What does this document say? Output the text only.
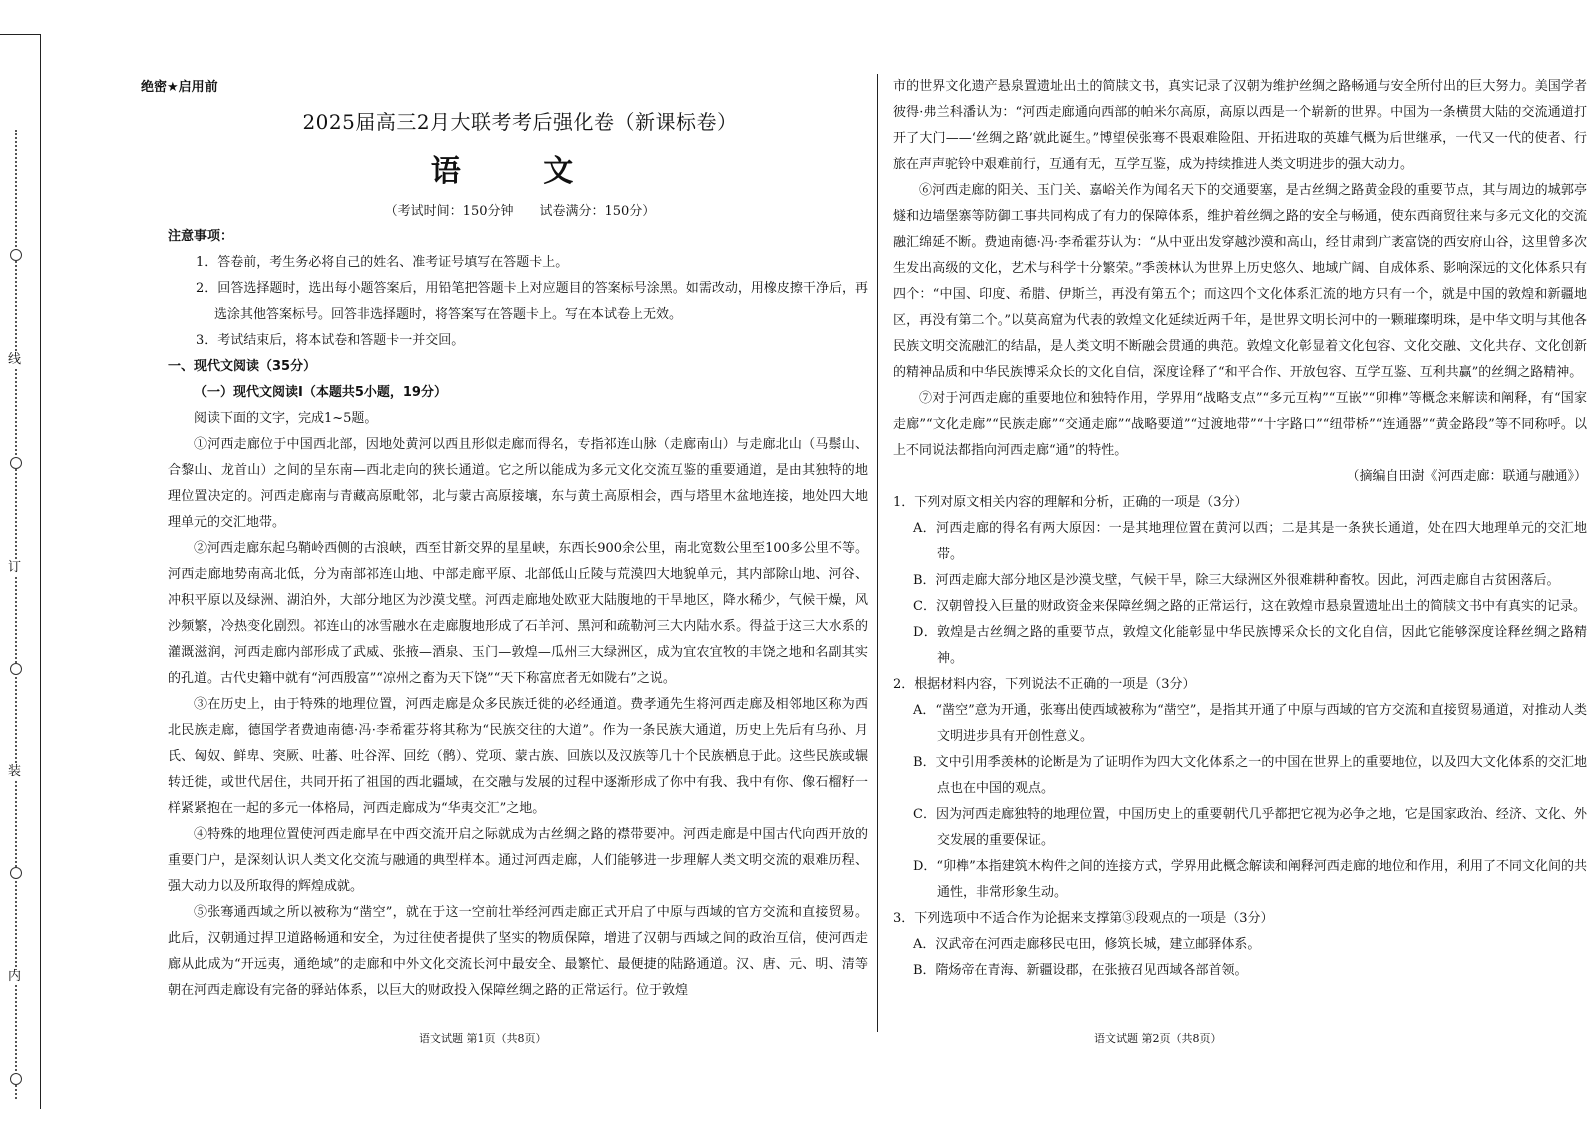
线
订
装
内
绝密★启用前
2025届高三2月大联考考后强化卷（新课标卷）
语 文
（考试时间：150分钟　　试卷满分：150分）

注意事项：

1．答卷前，考生务必将自己的姓名、准考证号填写在答题卡上。

2．回答选择题时，选出每小题答案后，用铅笔把答题卡上对应题目的答案标号涂黑。如需改动，用橡皮擦干净后，再选涂其他答案标号。回答非选择题时，将答案写在答题卡上。写在本试卷上无效。

3．考试结束后，将本试卷和答题卡一并交回。

一、现代文阅读（35分）

（一）现代文阅读Ⅰ（本题共5小题，19分）

阅读下面的文字，完成1~5题。

①河西走廊位于中国西北部，因地处黄河以西且形似走廊而得名，专指祁连山脉（走廊南山）与走廊北山（马鬃山、合黎山、龙首山）之间的呈东南—西北走向的狭长通道。它之所以能成为多元文化交流互鉴的重要通道，是由其独特的地理位置决定的。河西走廊南与青藏高原毗邻，北与蒙古高原接壤，东与黄土高原相会，西与塔里木盆地连接，地处四大地理单元的交汇地带。

②河西走廊东起乌鞘岭西侧的古浪峡，西至甘新交界的星星峡，东西长900余公里，南北宽数公里至100多公里不等。河西走廊地势南高北低，分为南部祁连山地、中部走廊平原、北部低山丘陵与荒漠四大地貌单元，其内部除山地、河谷、冲积平原以及绿洲、湖泊外，大部分地区为沙漠戈壁。河西走廊地处欧亚大陆腹地的干旱地区，降水稀少，气候干燥，风沙频繁，冷热变化剧烈。祁连山的冰雪融水在走廊腹地形成了石羊河、黑河和疏勒河三大内陆水系。得益于这三大水系的灌溉滋润，河西走廊内部形成了武威、张掖—酒泉、玉门—敦煌—瓜州三大绿洲区，成为宜农宜牧的丰饶之地和名副其实的孔道。古代史籍中就有“河西殷富”“凉州之畜为天下饶”“天下称富庶者无如陇右”之说。

③在历史上，由于特殊的地理位置，河西走廊是众多民族迁徙的必经通道。费孝通先生将河西走廊及相邻地区称为西北民族走廊，德国学者费迪南德·冯·李希霍芬将其称为“民族交往的大道”。作为一条民族大通道，历史上先后有乌孙、月氏、匈奴、鲜卑、突厥、吐蕃、吐谷浑、回纥（鹘）、党项、蒙古族、回族以及汉族等几十个民族栖息于此。这些民族或辗转迁徙，或世代居住，共同开拓了祖国的西北疆域，在交融与发展的过程中逐渐形成了你中有我、我中有你、像石榴籽一样紧紧抱在一起的多元一体格局，河西走廊成为“华夷交汇”之地。

④特殊的地理位置使河西走廊早在中西交流开启之际就成为古丝绸之路的襟带要冲。河西走廊是中国古代向西开放的重要门户，是深刻认识人类文化交流与融通的典型样本。通过河西走廊，人们能够进一步理解人类文明交流的艰难历程、强大动力以及所取得的辉煌成就。

⑤张骞通西域之所以被称为“凿空”，就在于这一空前壮举经河西走廊正式开启了中原与西域的官方交流和直接贸易。此后，汉朝通过捍卫道路畅通和安全，为过往使者提供了坚实的物质保障，增进了汉朝与西域之间的政治互信，使河西走廊从此成为“开远夷，通绝域”的走廊和中外文化交流长河中最安全、最繁忙、最便捷的陆路通道。汉、唐、元、明、清等朝在河西走廊设有完备的驿站体系，以巨大的财政投入保障丝绸之路的正常运行。位于敦煌

市的世界文化遗产悬泉置遗址出土的简牍文书，真实记录了汉朝为维护丝绸之路畅通与安全所付出的巨大努力。美国学者彼得·弗兰科潘认为：“河西走廊通向西部的帕米尔高原，高原以西是一个崭新的世界。中国为一条横贯大陆的交流通道打开了大门——‘丝绸之路’就此诞生。”博望侯张骞不畏艰难险阻、开拓进取的英雄气概为后世继承，一代又一代的使者、行旅在声声驼铃中艰难前行，互通有无，互学互鉴，成为持续推进人类文明进步的强大动力。

⑥河西走廊的阳关、玉门关、嘉峪关作为闻名天下的交通要塞，是古丝绸之路黄金段的重要节点，其与周边的城郭亭燧和边墙堡寨等防御工事共同构成了有力的保障体系，维护着丝绸之路的安全与畅通，使东西商贸往来与多元文化的交流融汇绵延不断。费迪南德·冯·李希霍芬认为：“从中亚出发穿越沙漠和高山，经甘肃到广袤富饶的西安府山谷，这里曾多次生发出高级的文化，艺术与科学十分繁荣。”季羡林认为世界上历史悠久、地域广阔、自成体系、影响深远的文化体系只有四个：“中国、印度、希腊、伊斯兰，再没有第五个；而这四个文化体系汇流的地方只有一个，就是中国的敦煌和新疆地区，再没有第二个。”以莫高窟为代表的敦煌文化延续近两千年，是世界文明长河中的一颗璀璨明珠，是中华文明与其他各民族文明交流融汇的结晶，是人类文明不断融会贯通的典范。敦煌文化彰显着文化包容、文化交融、文化共存、文化创新的精神品质和中华民族博采众长的文化自信，深度诠释了“和平合作、开放包容、互学互鉴、互利共赢”的丝绸之路精神。

⑦对于河西走廊的重要地位和独特作用，学界用“战略支点”“多元互构”“互嵌”“卯榫”等概念来解读和阐释，有“国家走廊”“文化走廊”“民族走廊”“交通走廊”“战略要道”“过渡地带”“十字路口”“纽带桥”“连通器”“黄金路段”等不同称呼。以上不同说法都指向河西走廊“通”的特性。

（摘编自田澍《河西走廊：联通与融通》）

1．下列对原文相关内容的理解和分析，正确的一项是（3分）

A．河西走廊的得名有两大原因：一是其地理位置在黄河以西；二是其是一条狭长通道，处在四大地理单元的交汇地带。

B．河西走廊大部分地区是沙漠戈壁，气候干旱，除三大绿洲区外很难耕种畜牧。因此，河西走廊自古贫困落后。

C．汉朝曾投入巨量的财政资金来保障丝绸之路的正常运行，这在敦煌市悬泉置遗址出土的简牍文书中有真实的记录。

D．敦煌是古丝绸之路的重要节点，敦煌文化能彰显中华民族博采众长的文化自信，因此它能够深度诠释丝绸之路精神。

2．根据材料内容，下列说法不正确的一项是（3分）

A．“凿空”意为开通，张骞出使西域被称为“凿空”，是指其开通了中原与西域的官方交流和直接贸易通道，对推动人类文明进步具有开创性意义。

B．文中引用季羡林的论断是为了证明作为四大文化体系之一的中国在世界上的重要地位，以及四大文化体系的交汇地点也在中国的观点。

C．因为河西走廊独特的地理位置，中国历史上的重要朝代几乎都把它视为必争之地，它是国家政治、经济、文化、外交发展的重要保证。

D．“卯榫”本指建筑木构件之间的连接方式，学界用此概念解读和阐释河西走廊的地位和作用，利用了不同文化间的共通性，非常形象生动。

3．下列选项中不适合作为论据来支撑第③段观点的一项是（3分）

A．汉武帝在河西走廊移民屯田，修筑长城，建立邮驿体系。

B．隋炀帝在青海、新疆设郡，在张掖召见西域各部首领。

语文试题 第1页（共8页）	语文试题 第2页（共8页）
